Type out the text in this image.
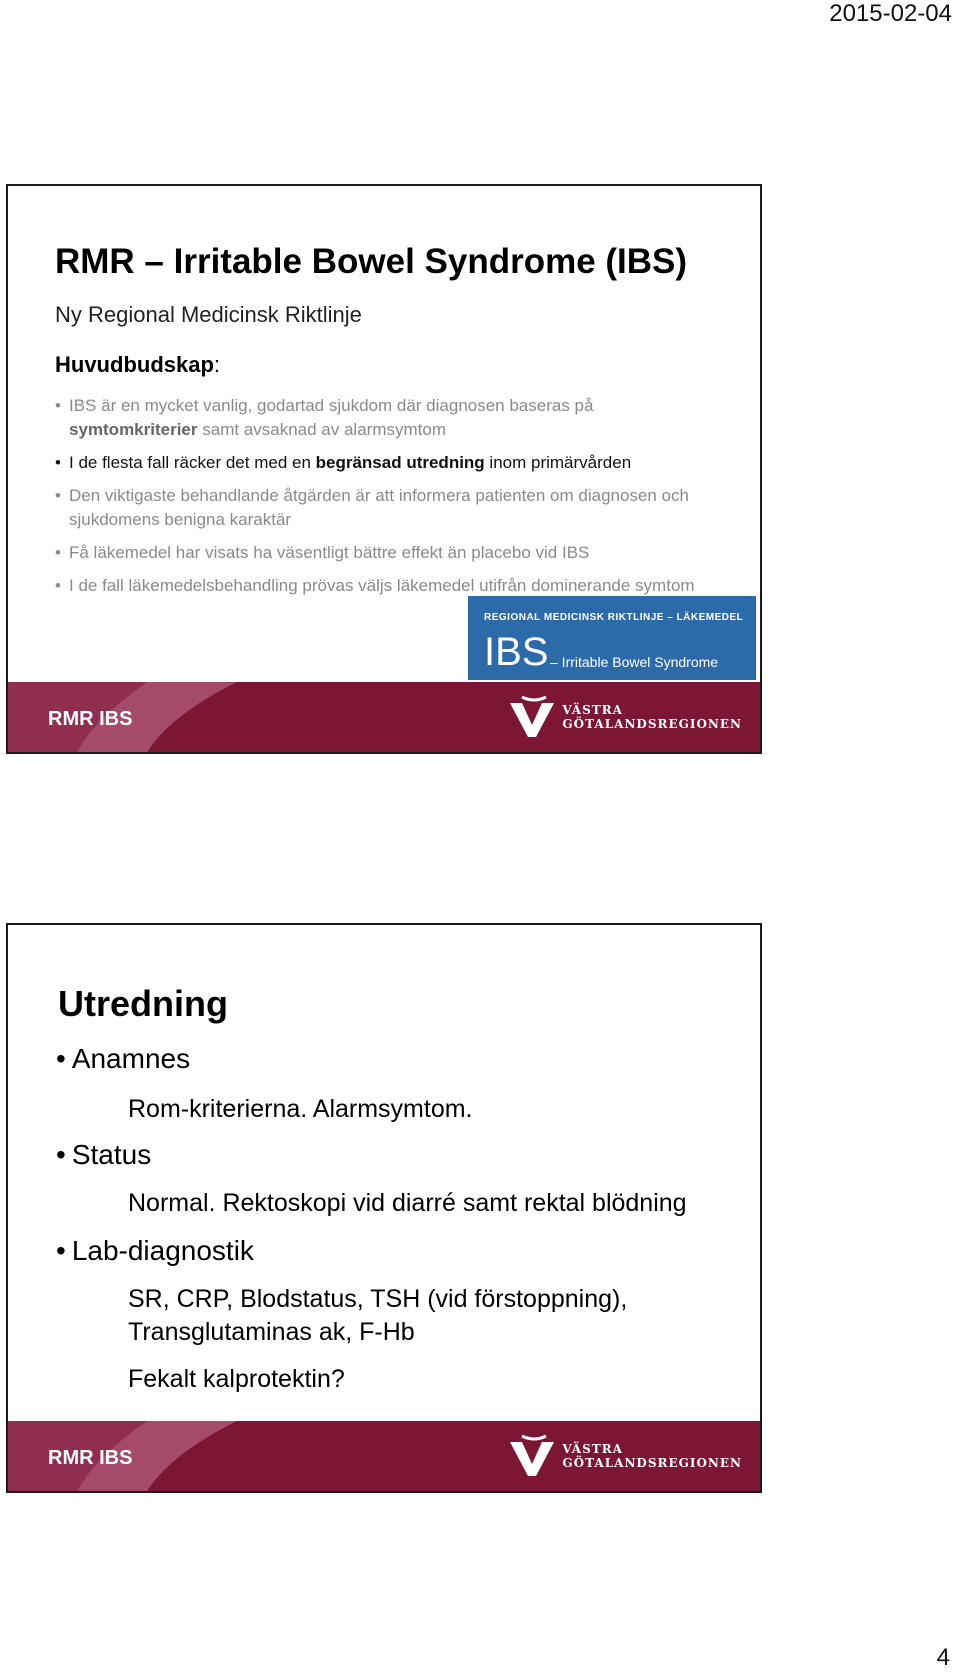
2015-02-04
RMR – Irritable Bowel Syndrome (IBS)
Ny Regional Medicinsk Riktlinje
Huvudbudskap:
• IBS är en mycket vanlig, godartad sjukdom där diagnosen baseras på symtomkriterier samt avsaknad av alarmsymtom
• I de flesta fall räcker det med en begränsad utredning inom primärvården
• Den viktigaste behandlande åtgärden är att informera patienten om diagnosen och sjukdomens benigna karaktär
• Få läkemedel har visats ha väsentligt bättre effekt än placebo vid IBS
• I de fall läkemedelsbehandling prövas väljs läkemedel utifrån dominerande symtom
REGIONAL MEDICINSK RIKTLINJE – LÄKEMEDEL
IBS – Irritable Bowel Syndrome
RMR IBS	VÄSTRA
GÖTALANDSREGIONEN
Utredning
• Anamnes
Rom-kriterierna. Alarmsymtom.
• Status
Normal. Rektoskopi vid diarré samt rektal blödning
• Lab-diagnostik
SR, CRP, Blodstatus, TSH (vid förstoppning), Transglutaminas ak, F-Hb
Fekalt kalprotektin?
RMR IBS	VÄSTRA
GÖTALANDSREGIONEN
4
